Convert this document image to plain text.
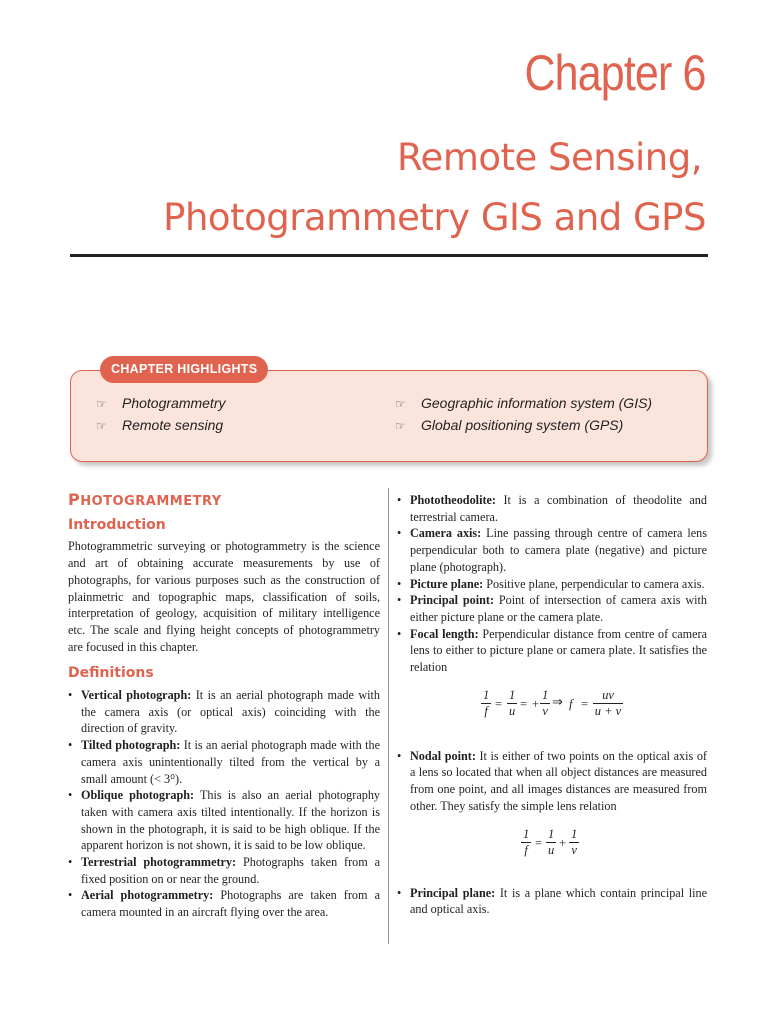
Chapter 6
Remote Sensing,
Photogrammetry GIS and GPS
CHAPTER HIGHLIGHTS
☞ Photogrammetry
☞ Remote sensing
☞ Geographic information system (GIS)
☞ Global positioning system (GPS)
PHOTOGRAMMETRY
Introduction

Photogrammetric surveying or photogrammetry is the science and art of obtaining accurate measurements by use of photographs, for various purposes such as the construction of plainmetric and topographic maps, classification of soils, interpretation of geology, acquisition of military intelligence etc. The scale and flying height concepts of photogrammetry are focused in this chapter.

Definitions
• Vertical photograph: It is an aerial photograph made with the camera axis (or optical axis) coinciding with the direction of gravity.
• Tilted photograph: It is an aerial photograph made with the camera axis unintentionally tilted from the vertical by a small amount (< 3⁰).
• Oblique photograph: This is also an aerial photography taken with camera axis tilted intentionally. If the horizon is shown in the photograph, it is said to be high oblique. If the apparent horizon is not shown, it is said to be low oblique.
• Terrestrial photogrammetry: Photographs taken from a fixed position on or near the ground.
• Aerial photogrammetry: Photographs are taken from a camera mounted in an aircraft flying over the area.
• Phototheodolite: It is a combination of theodolite and terrestrial camera.
• Camera axis: Line passing through centre of camera lens perpendicular both to camera plate (negative) and picture plane (photograph).
• Picture plane: Positive plane, perpendicular to camera axis.
• Principal point: Point of intersection of camera axis with either picture plane or the camera plate.
• Focal length: Perpendicular distance from centre of camera lens to either to picture plane or camera plate. It satisfies the relation
$\frac{1}{f} = \frac{1}{u}$ = + $\frac{1}{v}$ ⇒ $f = \frac{uv}{u + v}$
• Nodal point: It is either of two points on the optical axis of a lens so located that when all object distances are measured from one point, and all images distances are measured from other. They satisfy the simple lens relation
$\frac{1}{f} = \frac{1}{u} + \frac{1}{v}$
• Principal plane: It is a plane which contain principal line and optical axis.
